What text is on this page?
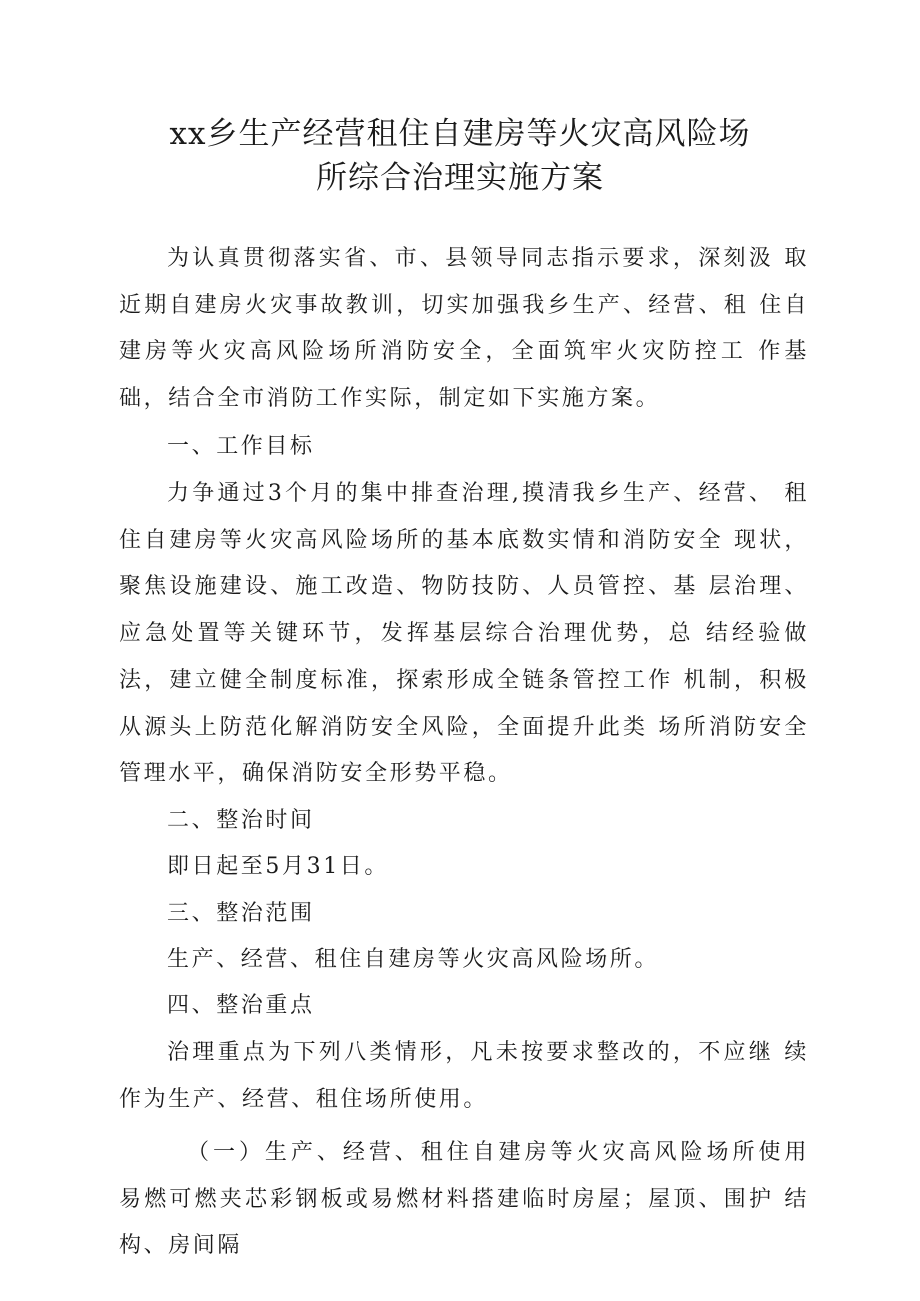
xx乡生产经营租住自建房等火灾高风险场
所综合治理实施方案

为认真贯彻落实省、市、县领导同志指示要求，深刻汲 取近期自建房火灾事故教训，切实加强我乡生产、经营、租 住自建房等火灾高风险场所消防安全，全面筑牢火灾防控工 作基础，结合全市消防工作实际，制定如下实施方案。

一、工作目标

力争通过3个月的集中排查治理,摸清我乡生产、经营、 租住自建房等火灾高风险场所的基本底数实情和消防安全 现状，聚焦设施建设、施工改造、物防技防、人员管控、基 层治理、应急处置等关键环节，发挥基层综合治理优势，总 结经验做法，建立健全制度标准，探索形成全链条管控工作 机制，积极从源头上防范化解消防安全风险，全面提升此类 场所消防安全管理水平，确保消防安全形势平稳。

二、整治时间

即日起至5月31日。

三、整治范围

生产、经营、租住自建房等火灾高风险场所。

四、整治重点

治理重点为下列八类情形，凡未按要求整改的，不应继 续作为生产、经营、租住场所使用。

（一）生产、经营、租住自建房等火灾高风险场所使用 易燃可燃夹芯彩钢板或易燃材料搭建临时房屋；屋顶、围护 结构、房间隔
